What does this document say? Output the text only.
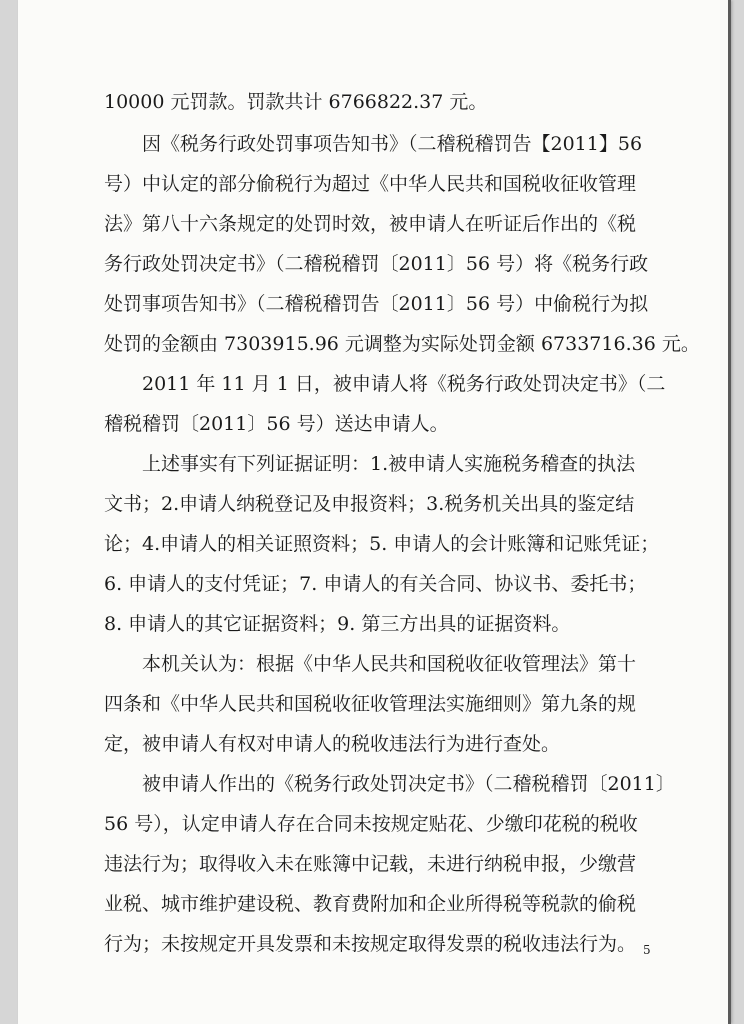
10000 元罚款。罚款共计 6766822.37 元。
因《税务行政处罚事项告知书》（二稽税稽罚告【2011】56
号）中认定的部分偷税行为超过《中华人民共和国税收征收管理
法》第八十六条规定的处罚时效，被申请人在听证后作出的《税
务行政处罚决定书》（二稽税稽罚〔2011〕56 号）将《税务行政
处罚事项告知书》（二稽税稽罚告〔2011〕56 号）中偷税行为拟
处罚的金额由 7303915.96 元调整为实际处罚金额 6733716.36 元。
2011 年 11 月 1 日，被申请人将《税务行政处罚决定书》（二
稽税稽罚〔2011〕56 号）送达申请人。
上述事实有下列证据证明：1.被申请人实施税务稽查的执法
文书；2.申请人纳税登记及申报资料；3.税务机关出具的鉴定结
论；4.申请人的相关证照资料；5. 申请人的会计账簿和记账凭证；
6. 申请人的支付凭证；7. 申请人的有关合同、协议书、委托书；
8. 申请人的其它证据资料；9. 第三方出具的证据资料。
本机关认为：根据《中华人民共和国税收征收管理法》第十
四条和《中华人民共和国税收征收管理法实施细则》第九条的规
定，被申请人有权对申请人的税收违法行为进行查处。
被申请人作出的《税务行政处罚决定书》（二稽税稽罚〔2011〕
56 号），认定申请人存在合同未按规定贴花、少缴印花税的税收
违法行为；取得收入未在账簿中记载，未进行纳税申报，少缴营
业税、城市维护建设税、教育费附加和企业所得税等税款的偷税
行为；未按规定开具发票和未按规定取得发票的税收违法行为。 5
